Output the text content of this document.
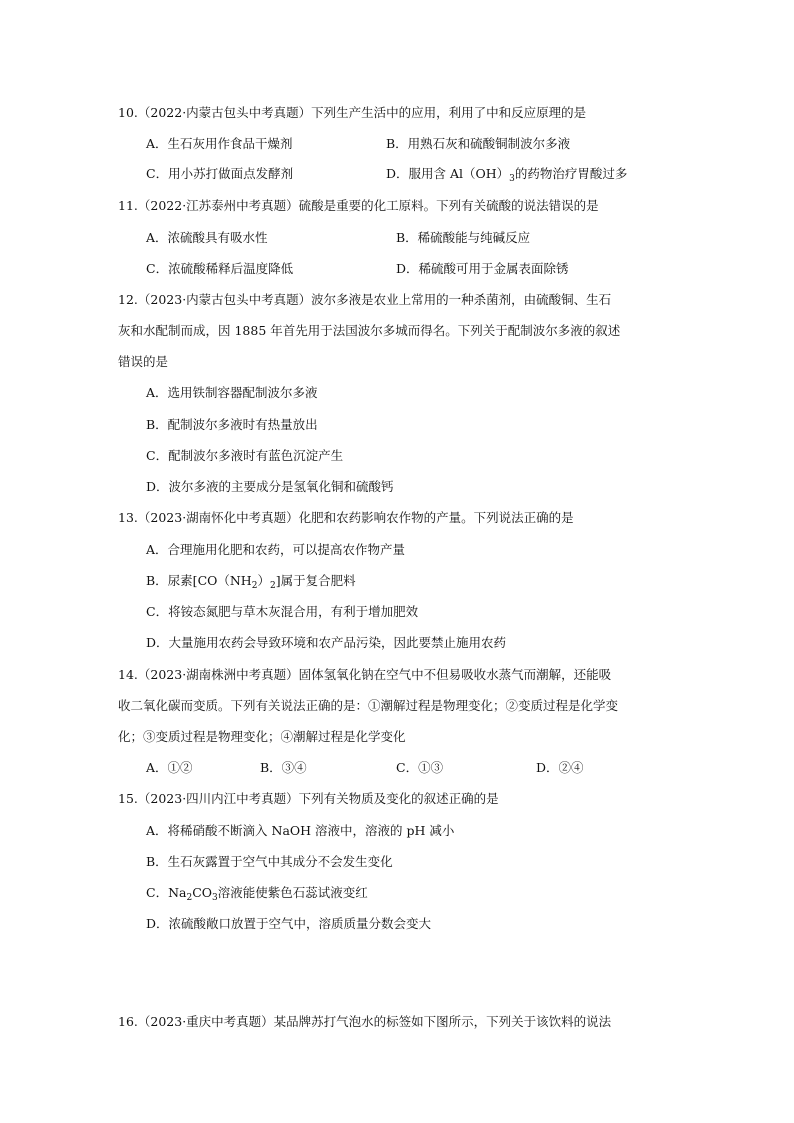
10.（2022·内蒙古包头中考真题）下列生产生活中的应用，利用了中和反应原理的是
A．生石灰用作食品干燥剂	B．用熟石灰和硫酸铜制波尔多液
C．用小苏打做面点发酵剂	D．服用含 $Al(OH)_3$的药物治疗胃酸过多
11.（2022·江苏泰州中考真题）硫酸是重要的化工原料。下列有关硫酸的说法错误的是
A．浓硫酸具有吸水性	B．稀硫酸能与纯碱反应
C．浓硫酸稀释后温度降低	D．稀硫酸可用于金属表面除锈
12.（2023·内蒙古包头中考真题）波尔多液是农业上常用的一种杀菌剂，由硫酸铜、生石
灰和水配制而成，因 1885 年首先用于法国波尔多城而得名。下列关于配制波尔多液的叙述
错误的是
A．选用铁制容器配制波尔多液
B．配制波尔多液时有热量放出
C．配制波尔多液时有蓝色沉淀产生
D．波尔多液的主要成分是氢氧化铜和硫酸钙
13.（2023·湖南怀化中考真题）化肥和农药影响农作物的产量。下列说法正确的是
A．合理施用化肥和农药，可以提高农作物产量
B．尿素$[CO(NH_2)_2]$属于复合肥料
C．将铵态氮肥与草木灰混合用，有利于增加肥效
D．大量施用农药会导致环境和农产品污染，因此要禁止施用农药
14.（2023·湖南株洲中考真题）固体氢氧化钠在空气中不但易吸收水蒸气而潮解，还能吸
收二氧化碳而变质。下列有关说法正确的是：①潮解过程是物理变化；②变质过程是化学变
化；③变质过程是物理变化；④潮解过程是化学变化
A．①②	B．③④	C．①③	D．②④
15.（2023·四川内江中考真题）下列有关物质及变化的叙述正确的是
A．将稀硝酸不断滴入 NaOH 溶液中，溶液的 pH 减小
B．生石灰露置于空气中其成分不会发生变化
C．$Na_2CO_3$溶液能使紫色石蕊试液变红
D．浓硫酸敞口放置于空气中，溶质质量分数会变大
16.（2023·重庆中考真题）某品牌苏打气泡水的标签如下图所示，下列关于该饮料的说法
